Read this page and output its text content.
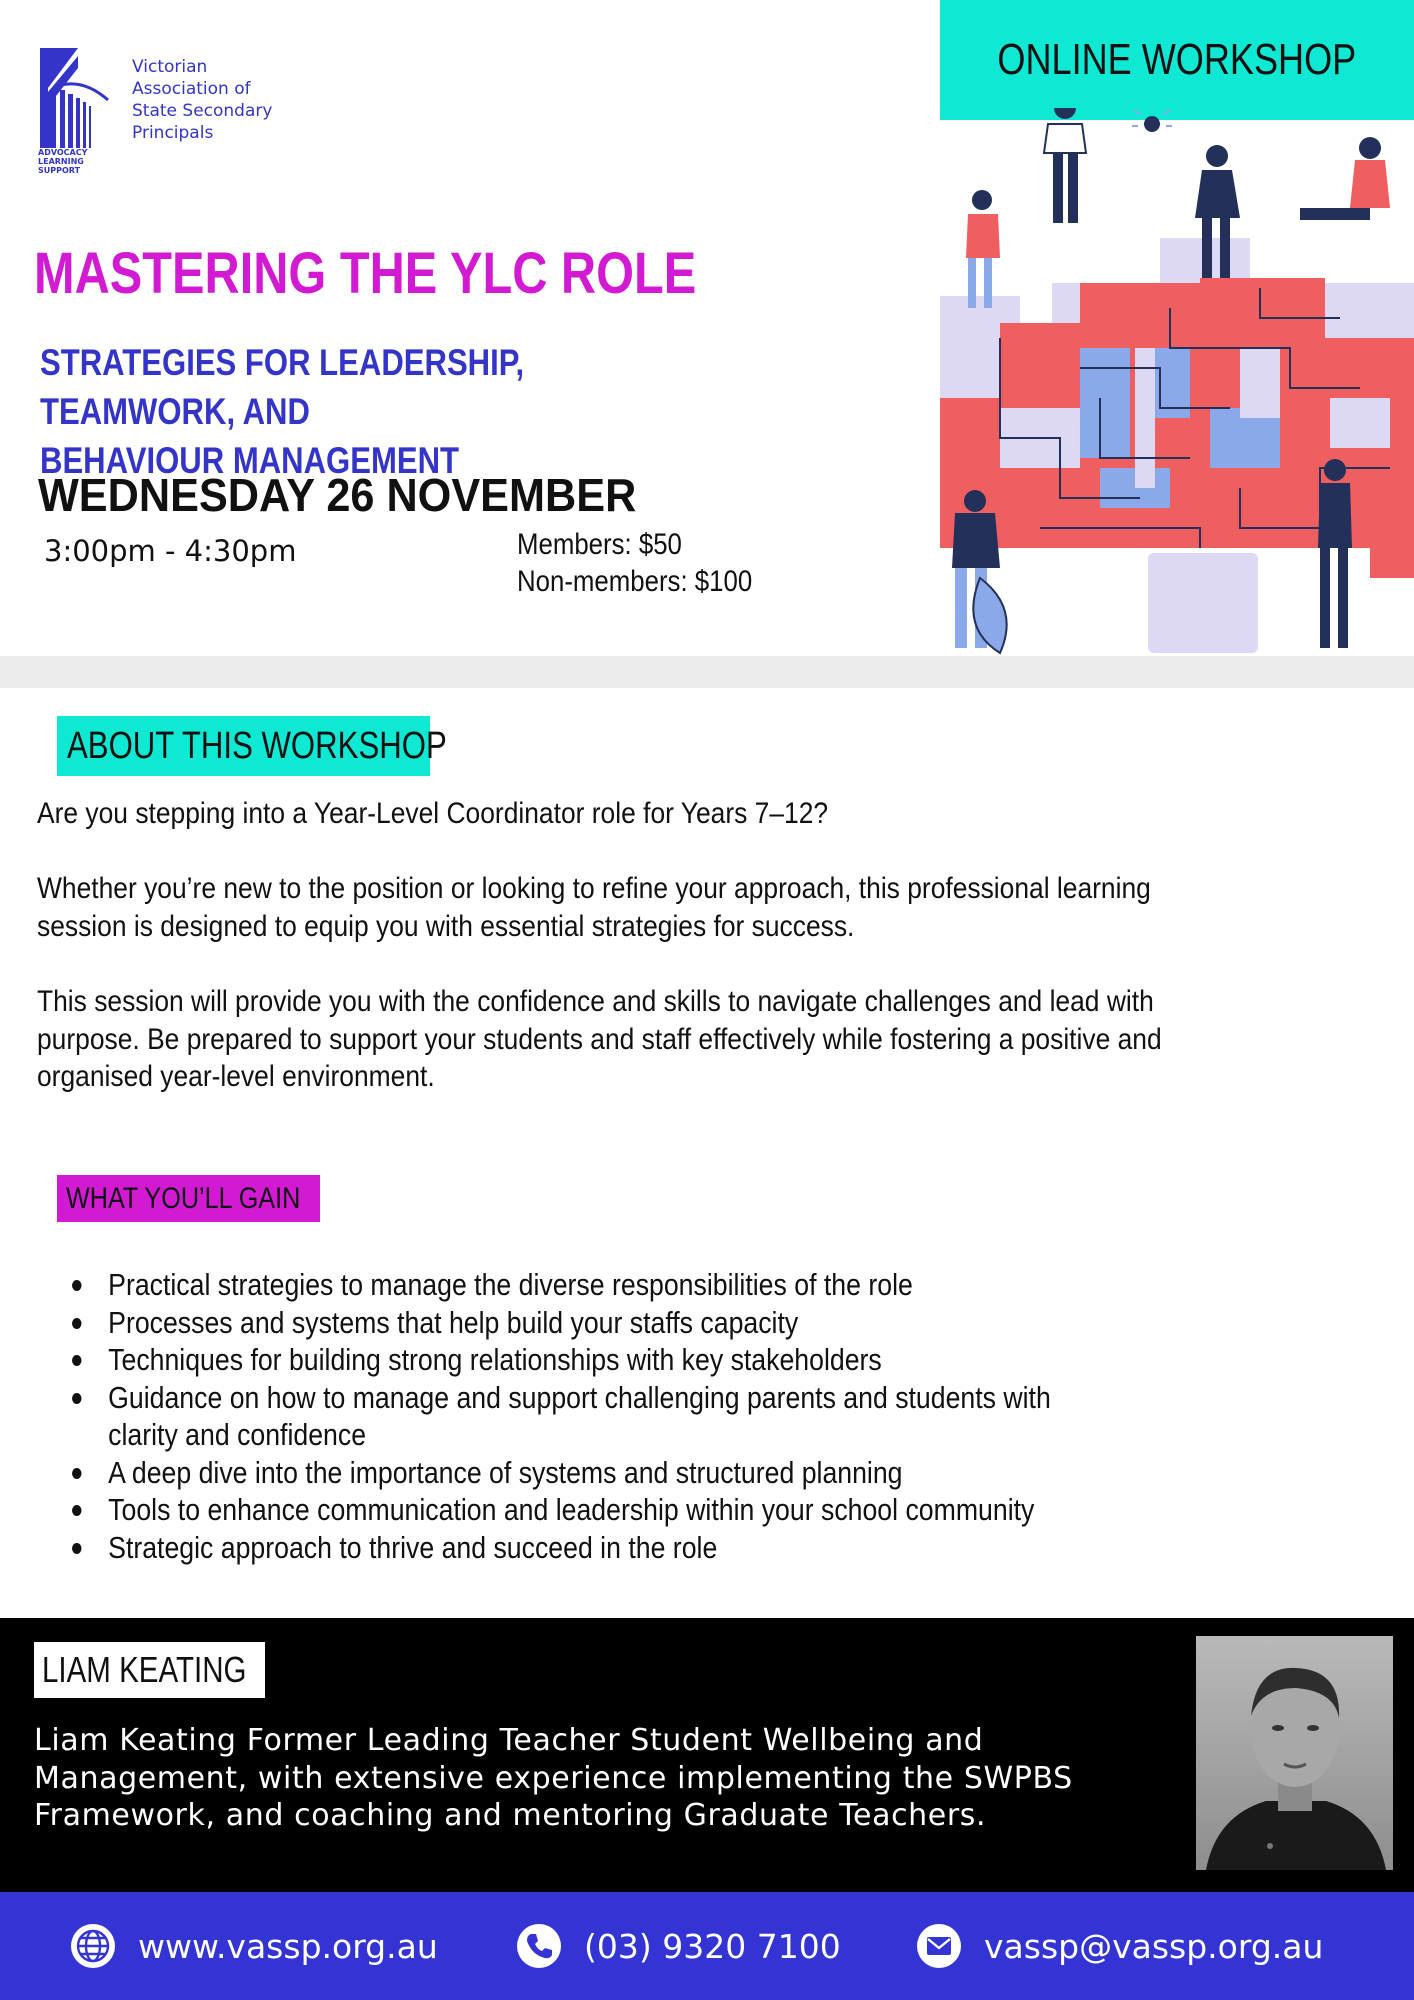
ADVOCACY
LEARNING
SUPPORT
Victorian
Association of
State Secondary
Principals
ONLINE WORKSHOP
MASTERING THE YLC ROLE
STRATEGIES FOR LEADERSHIP, TEAMWORK, AND
BEHAVIOUR MANAGEMENT
WEDNESDAY 26 NOVEMBER
3:00pm - 4:30pm	Members: $50
Non-members: $100
ABOUT THIS WORKSHOP
Are you stepping into a Year-Level Coordinator role for Years 7–12?
Whether you’re new to the position or looking to refine your approach, this professional learning
session is designed to equip you with essential strategies for success.
This session will provide you with the confidence and skills to navigate challenges and lead with
purpose. Be prepared to support your students and staff effectively while fostering a positive and
organised year-level environment.
WHAT YOU’LL GAIN
Practical strategies to manage the diverse responsibilities of the role
Processes and systems that help build your staffs capacity
Techniques for building strong relationships with key stakeholders
Guidance on how to manage and support challenging parents and students with clarity and confidence
A deep dive into the importance of systems and structured planning
Tools to enhance communication and leadership within your school community
Strategic approach to thrive and succeed in the role
LIAM KEATING
Liam Keating Former Leading Teacher Student Wellbeing and
Management, with extensive experience implementing the SWPBS
Framework, and coaching and mentoring Graduate Teachers.
www.vassp.org.au	(03) 9320 7100	vassp@vassp.org.au
